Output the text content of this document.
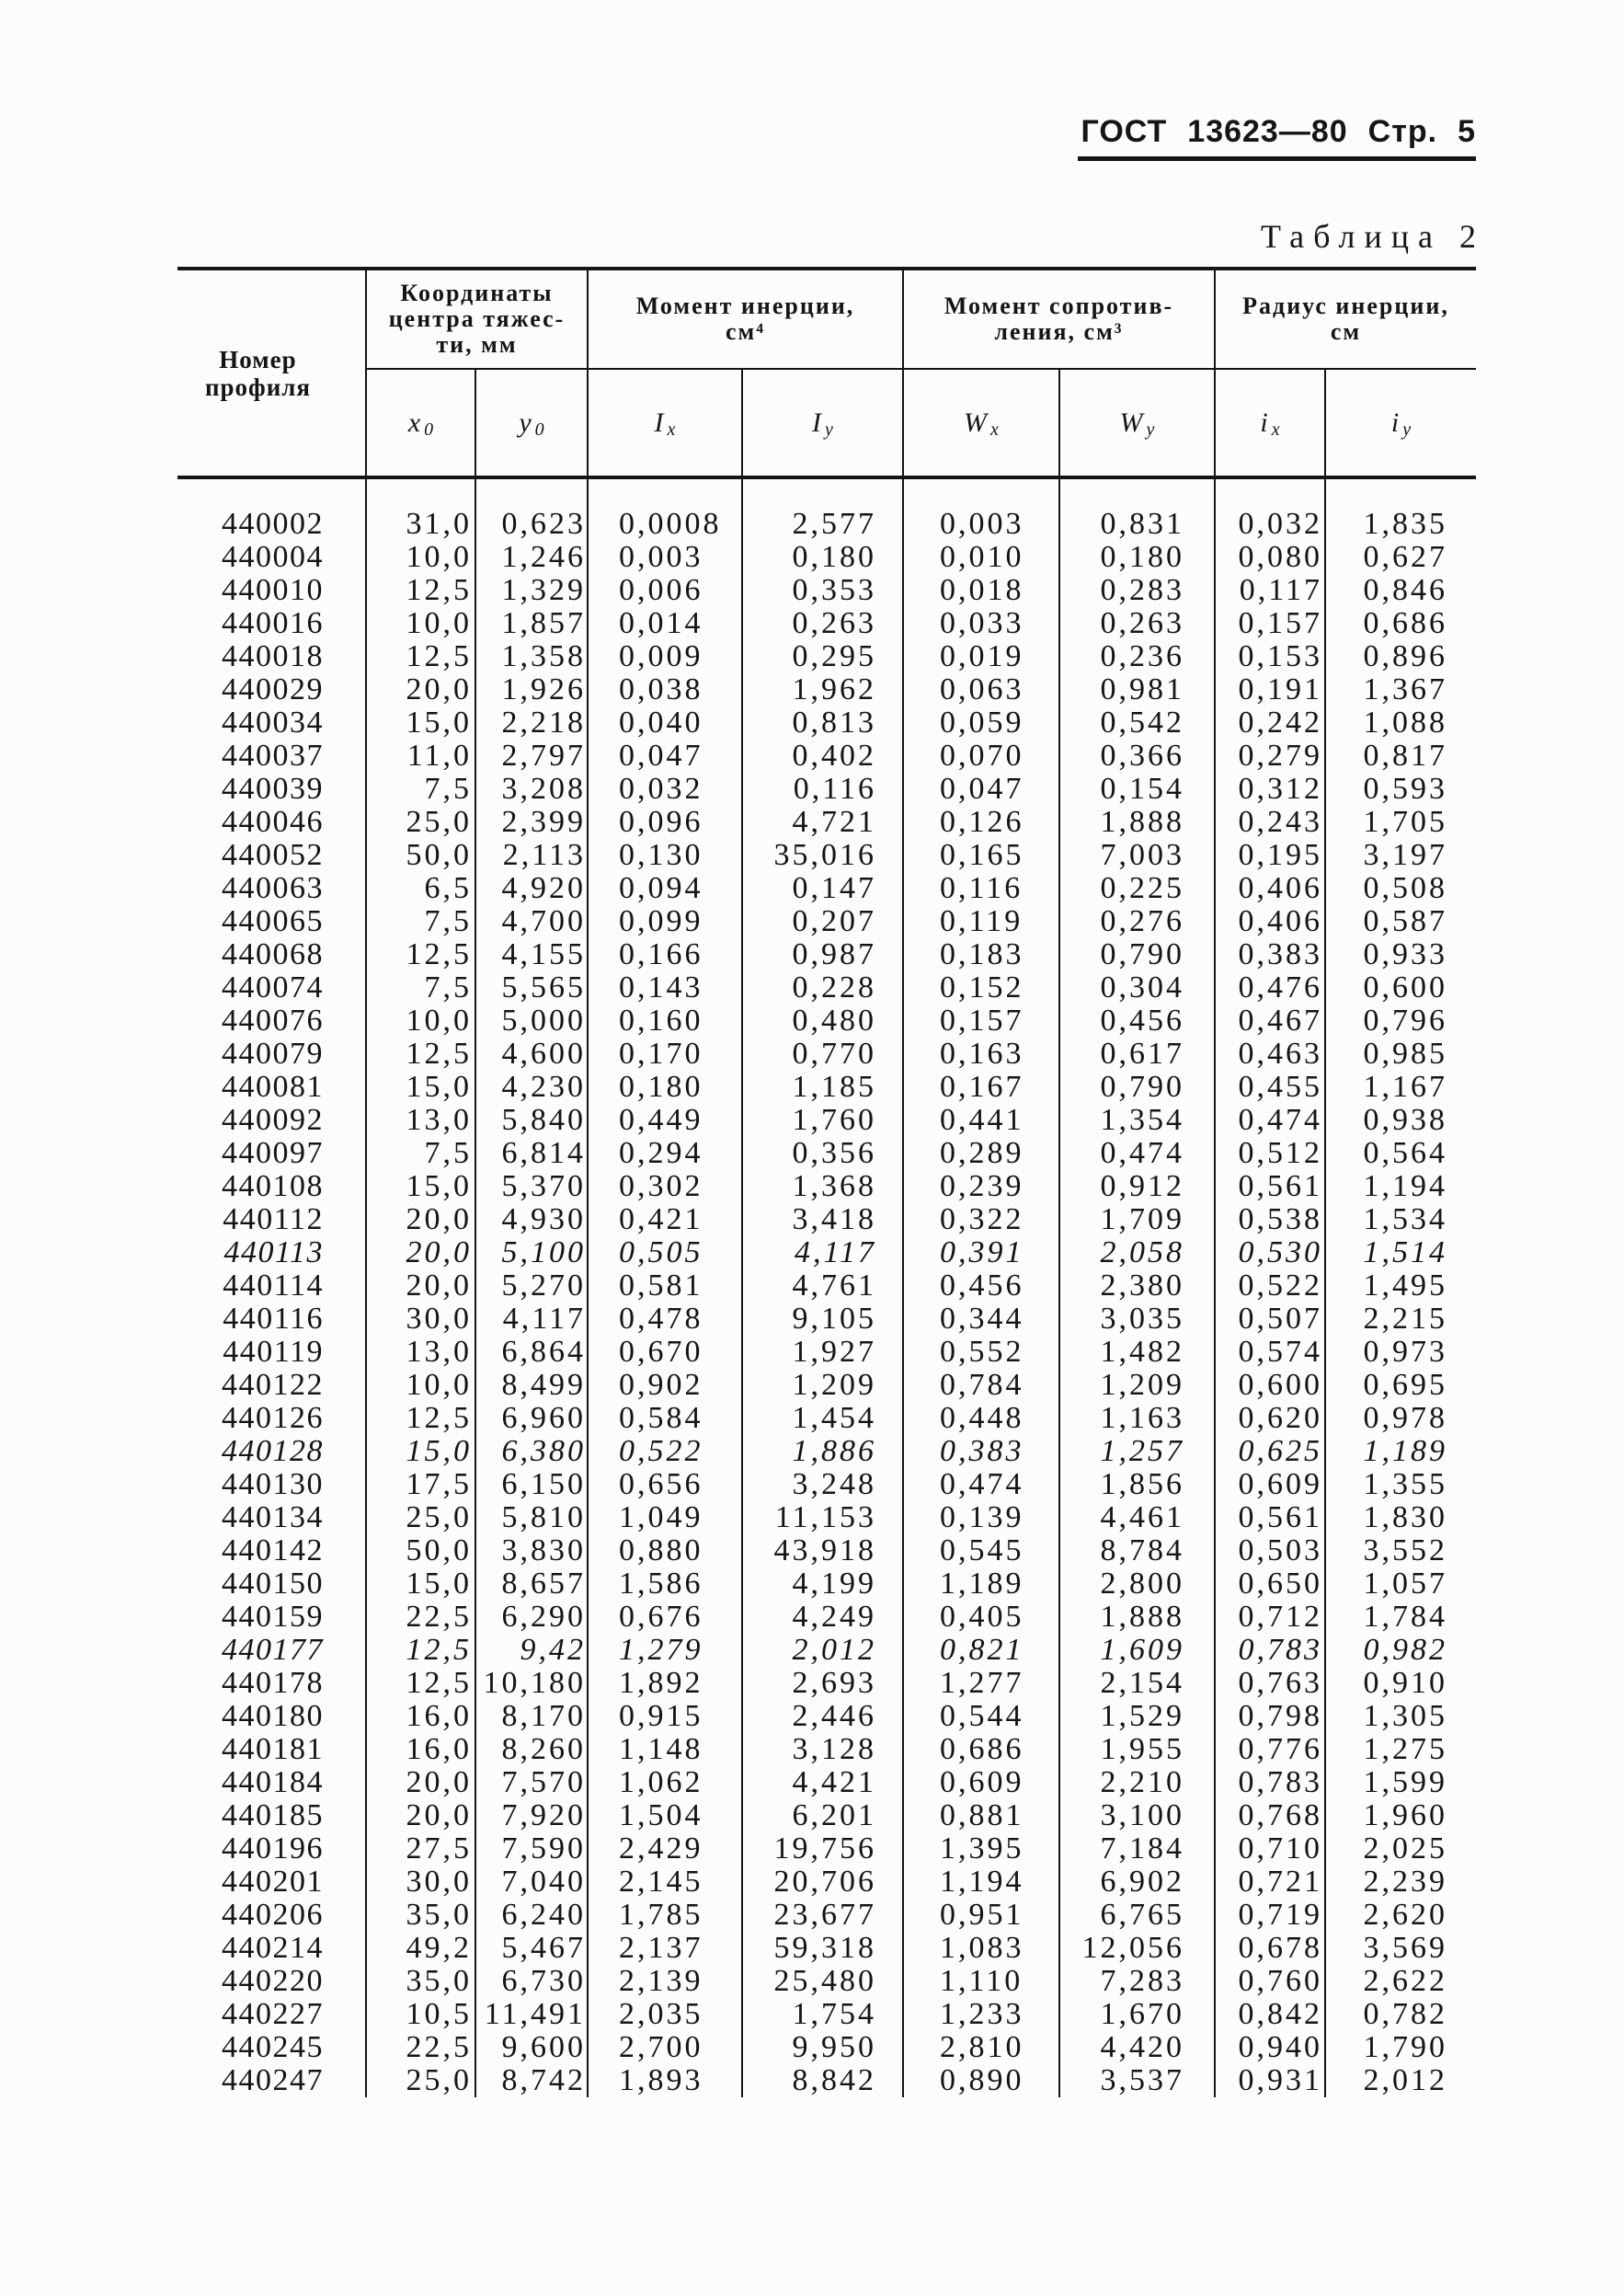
ГОСТ 13623—80 Стр. 5
Таблица 2
Номер
профиля
Координаты
центра тяжес-
ти, мм
Момент инерции,
см⁴
Момент сопротив-
ления, см³
Радиус инерции,
см
x 0	y 0	I x	I y	W x	W y	i x	i y
440002	31,0 0,623	0,0008	2,577	0,003	0,831	0,032	1,835
440004	10,0 1,246	0,003	0,180	0,010	0,180	0,080	0,627
440010	12,5 1,329	0,006	0,353	0,018	0,283	0,117	0,846
440016	10,0 1,857	0,014	0,263	0,033	0,263	0,157	0,686
440018	12,5 1,358	0,009	0,295	0,019	0,236	0,153	0,896
440029	20,0 1,926	0,038	1,962	0,063	0,981	0,191	1,367
440034	15,0 2,218	0,040	0,813	0,059	0,542	0,242	1,088
440037	11,0 2,797	0,047	0,402	0,070	0,366	0,279	0,817
440039	7,5 3,208	0,032	0,116	0,047	0,154	0,312	0,593
440046	25,0 2,399	0,096	4,721	0,126	1,888	0,243	1,705
440052	50,0 2,113	0,130	35,016	0,165	7,003	0,195	3,197
440063	6,5 4,920	0,094	0,147	0,116	0,225	0,406	0,508
440065	7,5 4,700	0,099	0,207	0,119	0,276	0,406	0,587
440068	12,5 4,155	0,166	0,987	0,183	0,790	0,383	0,933
440074	7,5 5,565	0,143	0,228	0,152	0,304	0,476	0,600
440076	10,0 5,000	0,160	0,480	0,157	0,456	0,467	0,796
440079	12,5 4,600	0,170	0,770	0,163	0,617	0,463	0,985
440081	15,0 4,230	0,180	1,185	0,167	0,790	0,455	1,167
440092	13,0 5,840	0,449	1,760	0,441	1,354	0,474	0,938
440097	7,5 6,814	0,294	0,356	0,289	0,474	0,512	0,564
440108	15,0 5,370	0,302	1,368	0,239	0,912	0,561	1,194
440112	20,0 4,930	0,421	3,418	0,322	1,709	0,538	1,534
440113	20,0 5,100	0,505	4,117	0,391	2,058	0,530	1,514
440114	20,0 5,270	0,581	4,761	0,456	2,380	0,522	1,495
440116	30,0 4,117	0,478	9,105	0,344	3,035	0,507	2,215
440119	13,0 6,864	0,670	1,927	0,552	1,482	0,574	0,973
440122	10,0 8,499	0,902	1,209	0,784	1,209	0,600	0,695
440126	12,5 6,960	0,584	1,454	0,448	1,163	0,620	0,978
440128	15,0 6,380	0,522	1,886	0,383	1,257	0,625	1,189
440130	17,5 6,150	0,656	3,248	0,474	1,856	0,609	1,355
440134	25,0 5,810	1,049	11,153	0,139	4,461	0,561	1,830
440142	50,0 3,830	0,880	43,918	0,545	8,784	0,503	3,552
440150	15,0 8,657	1,586	4,199	1,189	2,800	0,650	1,057
440159	22,5 6,290	0,676	4,249	0,405	1,888	0,712	1,784
440177	12,5	9,42	1,279	2,012	0,821	1,609	0,783	0,982
440178	12,5 10,180	1,892	2,693	1,277	2,154	0,763	0,910
440180	16,0 8,170	0,915	2,446	0,544	1,529	0,798	1,305
440181	16,0 8,260	1,148	3,128	0,686	1,955	0,776	1,275
440184	20,0 7,570	1,062	4,421	0,609	2,210	0,783	1,599
440185	20,0 7,920	1,504	6,201	0,881	3,100	0,768	1,960
440196	27,5 7,590	2,429	19,756	1,395	7,184	0,710	2,025
440201	30,0 7,040	2,145	20,706	1,194	6,902	0,721	2,239
440206	35,0 6,240	1,785	23,677	0,951	6,765	0,719	2,620
440214	49,2 5,467	2,137	59,318	1,083	12,056	0,678	3,569
440220	35,0 6,730	2,139	25,480	1,110	7,283	0,760	2,622
440227	10,5 11,491	2,035	1,754	1,233	1,670	0,842	0,782
440245	22,5 9,600	2,700	9,950	2,810	4,420	0,940	1,790
440247	25,0 8,742	1,893	8,842	0,890	3,537	0,931	2,012
